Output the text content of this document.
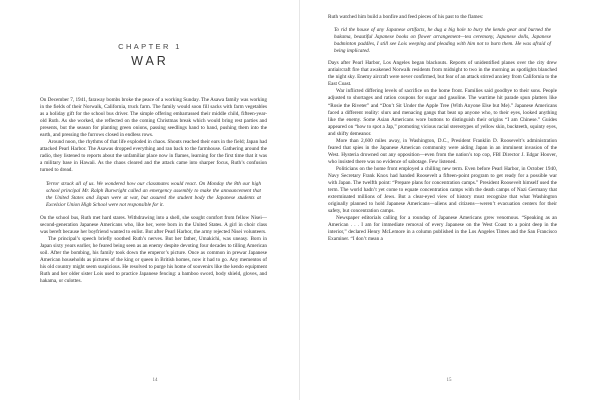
CHAPTER 1
WAR

On December 7, 1941, faraway bombs broke the peace of a working Sunday. The Asawa family was working in the fields of their Norwalk, California, truck farm. The family would soon fill sacks with farm vegetables as a holiday gift for the school bus driver. The simple offering embarrassed their middle child, fifteen-year-old Ruth. As she worked, she reflected on the coming Christmas break which would bring rest parties and presents, but the season for planting green onions, passing seedlings hand to hand, pushing them into the earth, and pressing the furrows closed in endless rows.

Around noon, the rhythms of that life exploded in chaos. Shouts reached their ears in the field; Japan had attacked Pearl Harbor. The Asawas dropped everything and ran back to the farmhouse. Gathering around the radio, they listened to reports about the unfamiliar place now in flames, learning for the first time that it was a military base in Hawaii. As the chaos cleared and the attack came into sharper focus, Ruth’s confusion turned to dread.

Terror struck all of us. We wondered how our classmates would react. On Monday the 8th our high school principal Mr. Ralph Burwright called an emergency assembly to make the announcement that the United States and Japan were at war, but assured the student body the Japanese students at Excelsior Union High School were not responsible for it.

On the school bus, Ruth met hard stares. Withdrawing into a shell, she sought comfort from fellow Nisei—second-generation Japanese Americans who, like her, were born in the United States. A girl in choir class was bereft because her boyfriend wanted to enlist. But after Pearl Harbor, the army rejected Nisei volunteers.

The principal’s speech briefly soothed Ruth’s nerves. But her father, Umakichi, was uneasy. Born in Japan sixty years earlier, he feared being seen as an enemy despite devoting four decades to tilling American soil. After the bombing, his family took down the emperor’s picture. Once as common in prewar Japanese American households as pictures of the king or queen in British homes, now it had to go. Any mementos of his old country might seem suspicious. He resolved to purge his home of souvenirs like the kendo equipment Ruth and her older sister Lois used to practice Japanese fencing: a bamboo sword, body shield, gloves, and hakama, or culottes.

14

Ruth watched him build a bonfire and feed pieces of his past to the flames:

To rid the house of any Japanese artifacts, he dug a big hole to bury the kendo gear and burned the hakama, beautiful Japanese books on flower arrangement—tea ceremony, Japanese dolls, Japanese badminton paddles, I still see Lois weeping and pleading with him not to burn them. He was afraid of being implicated.

Days after Pearl Harbor, Los Angeles began blackouts. Reports of unidentified planes over the city drew antiaircraft fire that awakened Norwalk residents from midnight to two in the morning as spotlights blanched the night sky. Enemy aircraft were never confirmed, but fear of an attack stirred anxiety from California to the East Coast.

War inflicted differing levels of sacrifice on the home front. Families said goodbye to their sons. People adjusted to shortages and ration coupons for sugar and gasoline. The wartime hit parade spun platters like “Rosie the Riveter” and “Don’t Sit Under the Apple Tree (With Anyone Else but Me).” Japanese Americans faced a different reality: slurs and menacing gangs that beat up anyone who, to their eyes, looked anything like the enemy. Some Asian Americans wore buttons to distinguish their origins “I am Chinese.” Guides appeared on “how to spot a Jap,” promoting vicious racial stereotypes of yellow skin, buckteeth, squinty eyes, and shifty demeanor.

More than 2,600 miles away, in Washington, D.C., President Franklin D. Roosevelt’s administration feared that spies in the Japanese American community were aiding Japan in an imminent invasion of the West. Hysteria drowned out any opposition—even from the nation’s top cop, FBI Director J. Edgar Hoover, who insisted there was no evidence of sabotage. Few listened.

Politicians on the home front employed a chilling new term. Even before Pearl Harbor, in October 1940, Navy Secretary Frank Knox had handed Roosevelt a fifteen-point program to get ready for a possible war with Japan. The twelfth point: “Prepare plans for concentration camps.” President Roosevelt himself used the term. The world hadn’t yet come to equate concentration camps with the death camps of Nazi Germany that exterminated millions of Jews. But a clear-eyed view of history must recognize that what Washington originally planned to hold Japanese Americans—aliens and citizens—weren’t evacuation centers for their safety, but concentration camps.

Newspaper editorials calling for a roundup of Japanese Americans grew venomous. “Speaking as an American . . . I am for immediate removal of every Japanese on the West Coast to a point deep in the interior,” declared Henry McLemore in a column published in the Los Angeles Times and the San Francisco Examiner. “I don’t mean a

15
